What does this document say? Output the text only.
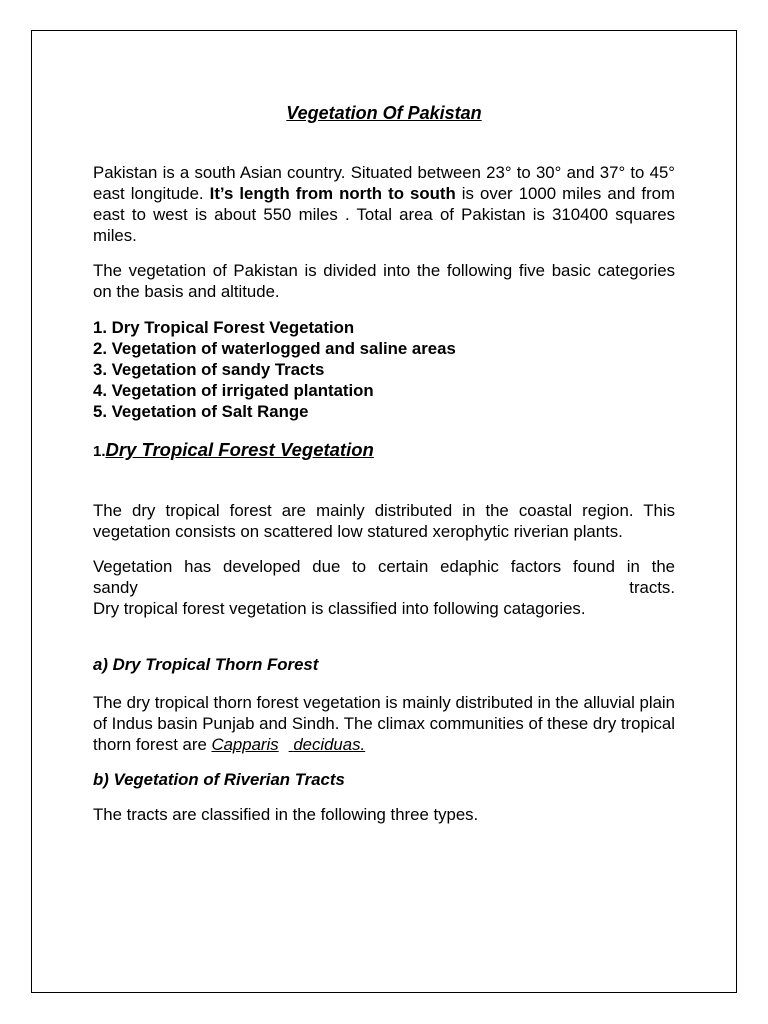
Vegetation Of Pakistan

Pakistan is a south Asian country. Situated between 23° to 30° and 37° to 45° east longitude. It’s length from north to south is over 1000 miles and from east to west is about 550 miles . Total area of Pakistan is 310400 squares miles.

The vegetation of Pakistan is divided into the following five basic categories on the basis and altitude.

1. Dry Tropical Forest Vegetation
2. Vegetation of waterlogged and saline areas
3. Vegetation of sandy Tracts
4. Vegetation of irrigated plantation
5. Vegetation of Salt Range
1.Dry Tropical Forest Vegetation

The dry tropical forest are mainly distributed in the coastal region. This vegetation consists on scattered low statured xerophytic riverian plants.

Vegetation has developed due to certain edaphic factors found in the
sandy	tracts.
Dry tropical forest vegetation is classified into following catagories.
a) Dry Tropical Thorn Forest

The dry tropical thorn forest vegetation is mainly distributed in the alluvial plain of Indus basin Punjab and Sindh. The climax communities of these dry tropical thorn forest are Capparis deciduas.

b) Vegetation of Riverian Tracts

The tracts are classified in the following three types.
